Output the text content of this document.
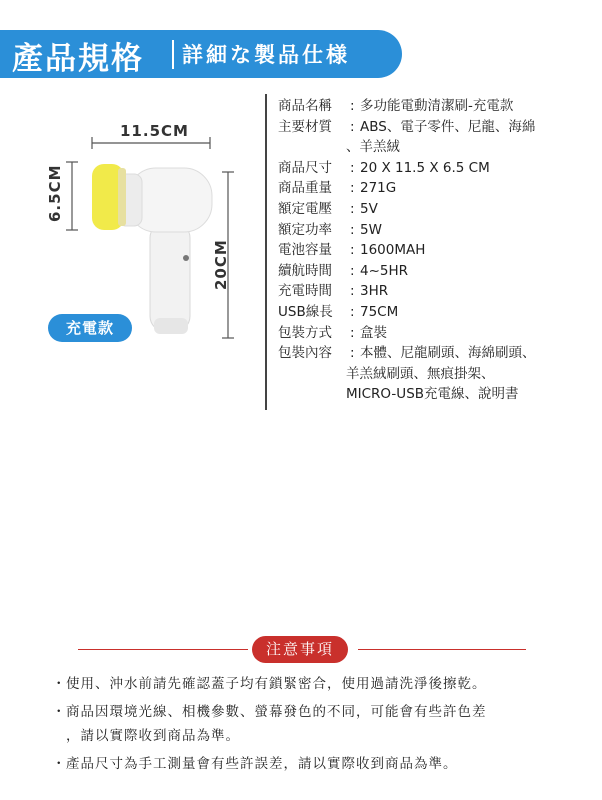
產品規格 詳細な製品仕様
11.5CM
6.5CM
20CM
充電款
商品名稱	: 多功能電動清潔刷-充電款
主要材質	: ABS、電子零件、尼龍、海綿
、羊羔絨
商品尺寸	: 20 X 11.5 X 6.5 CM
商品重量	: 271G
額定電壓	: 5V
額定功率	: 5W
電池容量	: 1600MAH
續航時間	: 4~5HR
充電時間	: 3HR
USB線長	: 75CM
包裝方式	: 盒裝
包裝內容	: 本體、尼龍刷頭、海綿刷頭、
羊羔絨刷頭、無痕掛架、
MICRO-USB充電線、說明書
注意事項
・使用、沖水前請先確認蓋子均有鎖緊密合，使用過請洗淨後擦乾。
・商品因環境光線、相機參數、螢幕發色的不同，可能會有些許色差
，請以實際收到商品為準。
・產品尺寸為手工測量會有些許誤差，請以實際收到商品為準。
